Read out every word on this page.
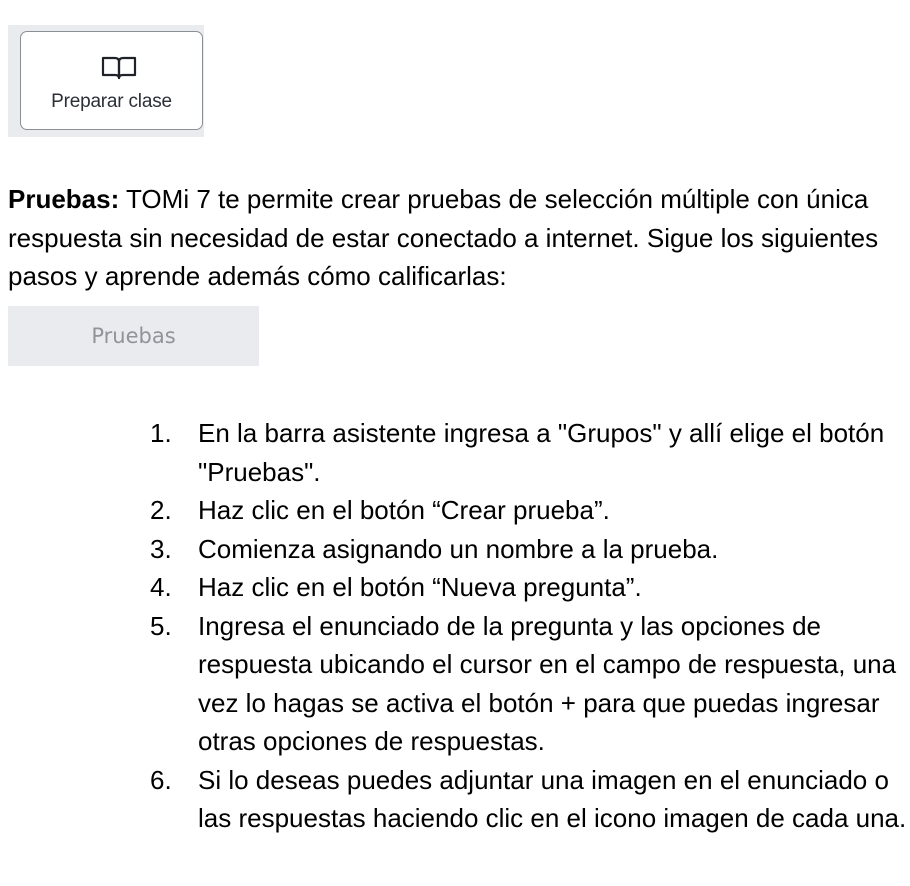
Preparar clase

Pruebas: TOMi 7 te permite crear pruebas de selección múltiple con única respuesta sin necesidad de estar conectado a internet. Sigue los siguientes pasos y aprende además cómo calificarlas:

Pruebas
1. En la barra asistente ingresa a "Grupos" y allí elige el botón "Pruebas".
2. Haz clic en el botón “Crear prueba”.
3. Comienza asignando un nombre a la prueba.
4. Haz clic en el botón “Nueva pregunta”.
5. Ingresa el enunciado de la pregunta y las opciones de respuesta ubicando el cursor en el campo de respuesta, una vez lo hagas se activa el botón + para que puedas ingresar otras opciones de respuestas.
6. Si lo deseas puedes adjuntar una imagen en el enunciado o las respuestas haciendo clic en el icono imagen de cada una.
